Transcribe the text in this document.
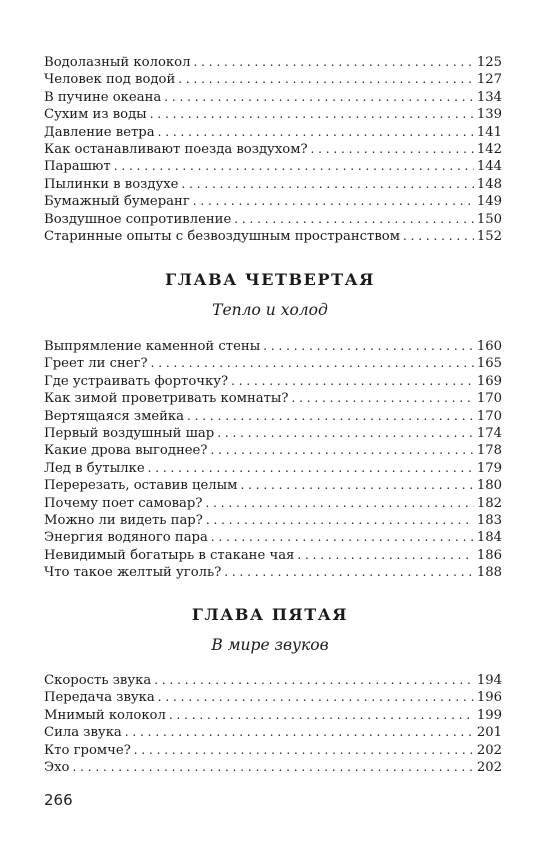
Водолазный колокол . . .	125
Человек под водой . . .	127
В пучине океана . . .	134
Сухим из воды . . .	139
Давление ветра . . .	141
Как останавливают поезда воздухом? . . .	142
Парашют . . .	144
Пылинки в воздухе . . .	148
Бумажный бумеранг . . .	149
Воздушное сопротивление . . .	150
Старинные опыты с безвоздушным пространством . . .	152
ГЛАВА ЧЕТВЕРТАЯ
Тепло и холод
Выпрямление каменной стены . . .	160
Греет ли снег? . . .	165
Где устраивать форточку? . . .	169
Как зимой проветривать комнаты? . . .	170
Вертящаяся змейка . . .	170
Первый воздушный шар . . .	174
Какие дрова выгоднее? . . .	178
Лед в бутылке . . .	179
Перерезать, оставив целым . . .	180
Почему поет самовар? . . .	182
Можно ли видеть пар? . . .	183
Энергия водяного пара . . .	184
Невидимый богатырь в стакане чая . . .	186
Что такое желтый уголь? . . .	188
ГЛАВА ПЯТАЯ
В мире звуков
Скорость звука . . .	194
Передача звука . . .	196
Мнимый колокол . . .	199
Сила звука . . .	201
Кто громче? . . .	202
Эхо . . .	202
266
